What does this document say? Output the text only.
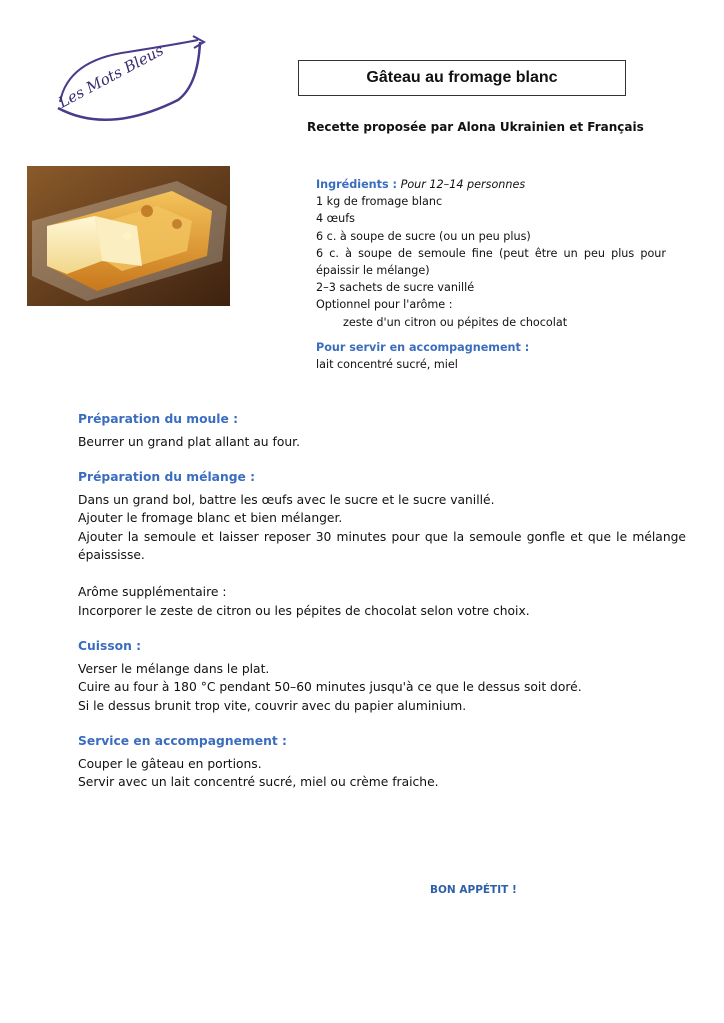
Les Mots Bleus	Gâteau au fromage blanc
Recette proposée par Alona Ukrainien et Français
Ingrédients : Pour 12–14 personnes
1 kg de fromage blanc
4 œufs
6 c. à soupe de sucre (ou un peu plus)
6 c. à soupe de semoule fine (peut être un peu plus pour épaissir le mélange)
2–3 sachets de sucre vanillé
Optionnel pour l'arôme :
zeste d'un citron ou pépites de chocolat
Pour servir en accompagnement :
lait concentré sucré, miel
Préparation du moule :

Beurrer un grand plat allant au four.

Préparation du mélange :

Dans un grand bol, battre les œufs avec le sucre et le sucre vanillé.

Ajouter le fromage blanc et bien mélanger.

Ajouter la semoule et laisser reposer 30 minutes pour que la semoule gonfle et que le mélange épaississe.

Arôme supplémentaire :

Incorporer le zeste de citron ou les pépites de chocolat selon votre choix.

Cuisson :

Verser le mélange dans le plat.

Cuire au four à 180 °C pendant 50–60 minutes jusqu'à ce que le dessus soit doré.

Si le dessus brunit trop vite, couvrir avec du papier aluminium.

Service en accompagnement :

Couper le gâteau en portions.

Servir avec un lait concentré sucré, miel ou crème fraiche.

BON APPÉTIT !
